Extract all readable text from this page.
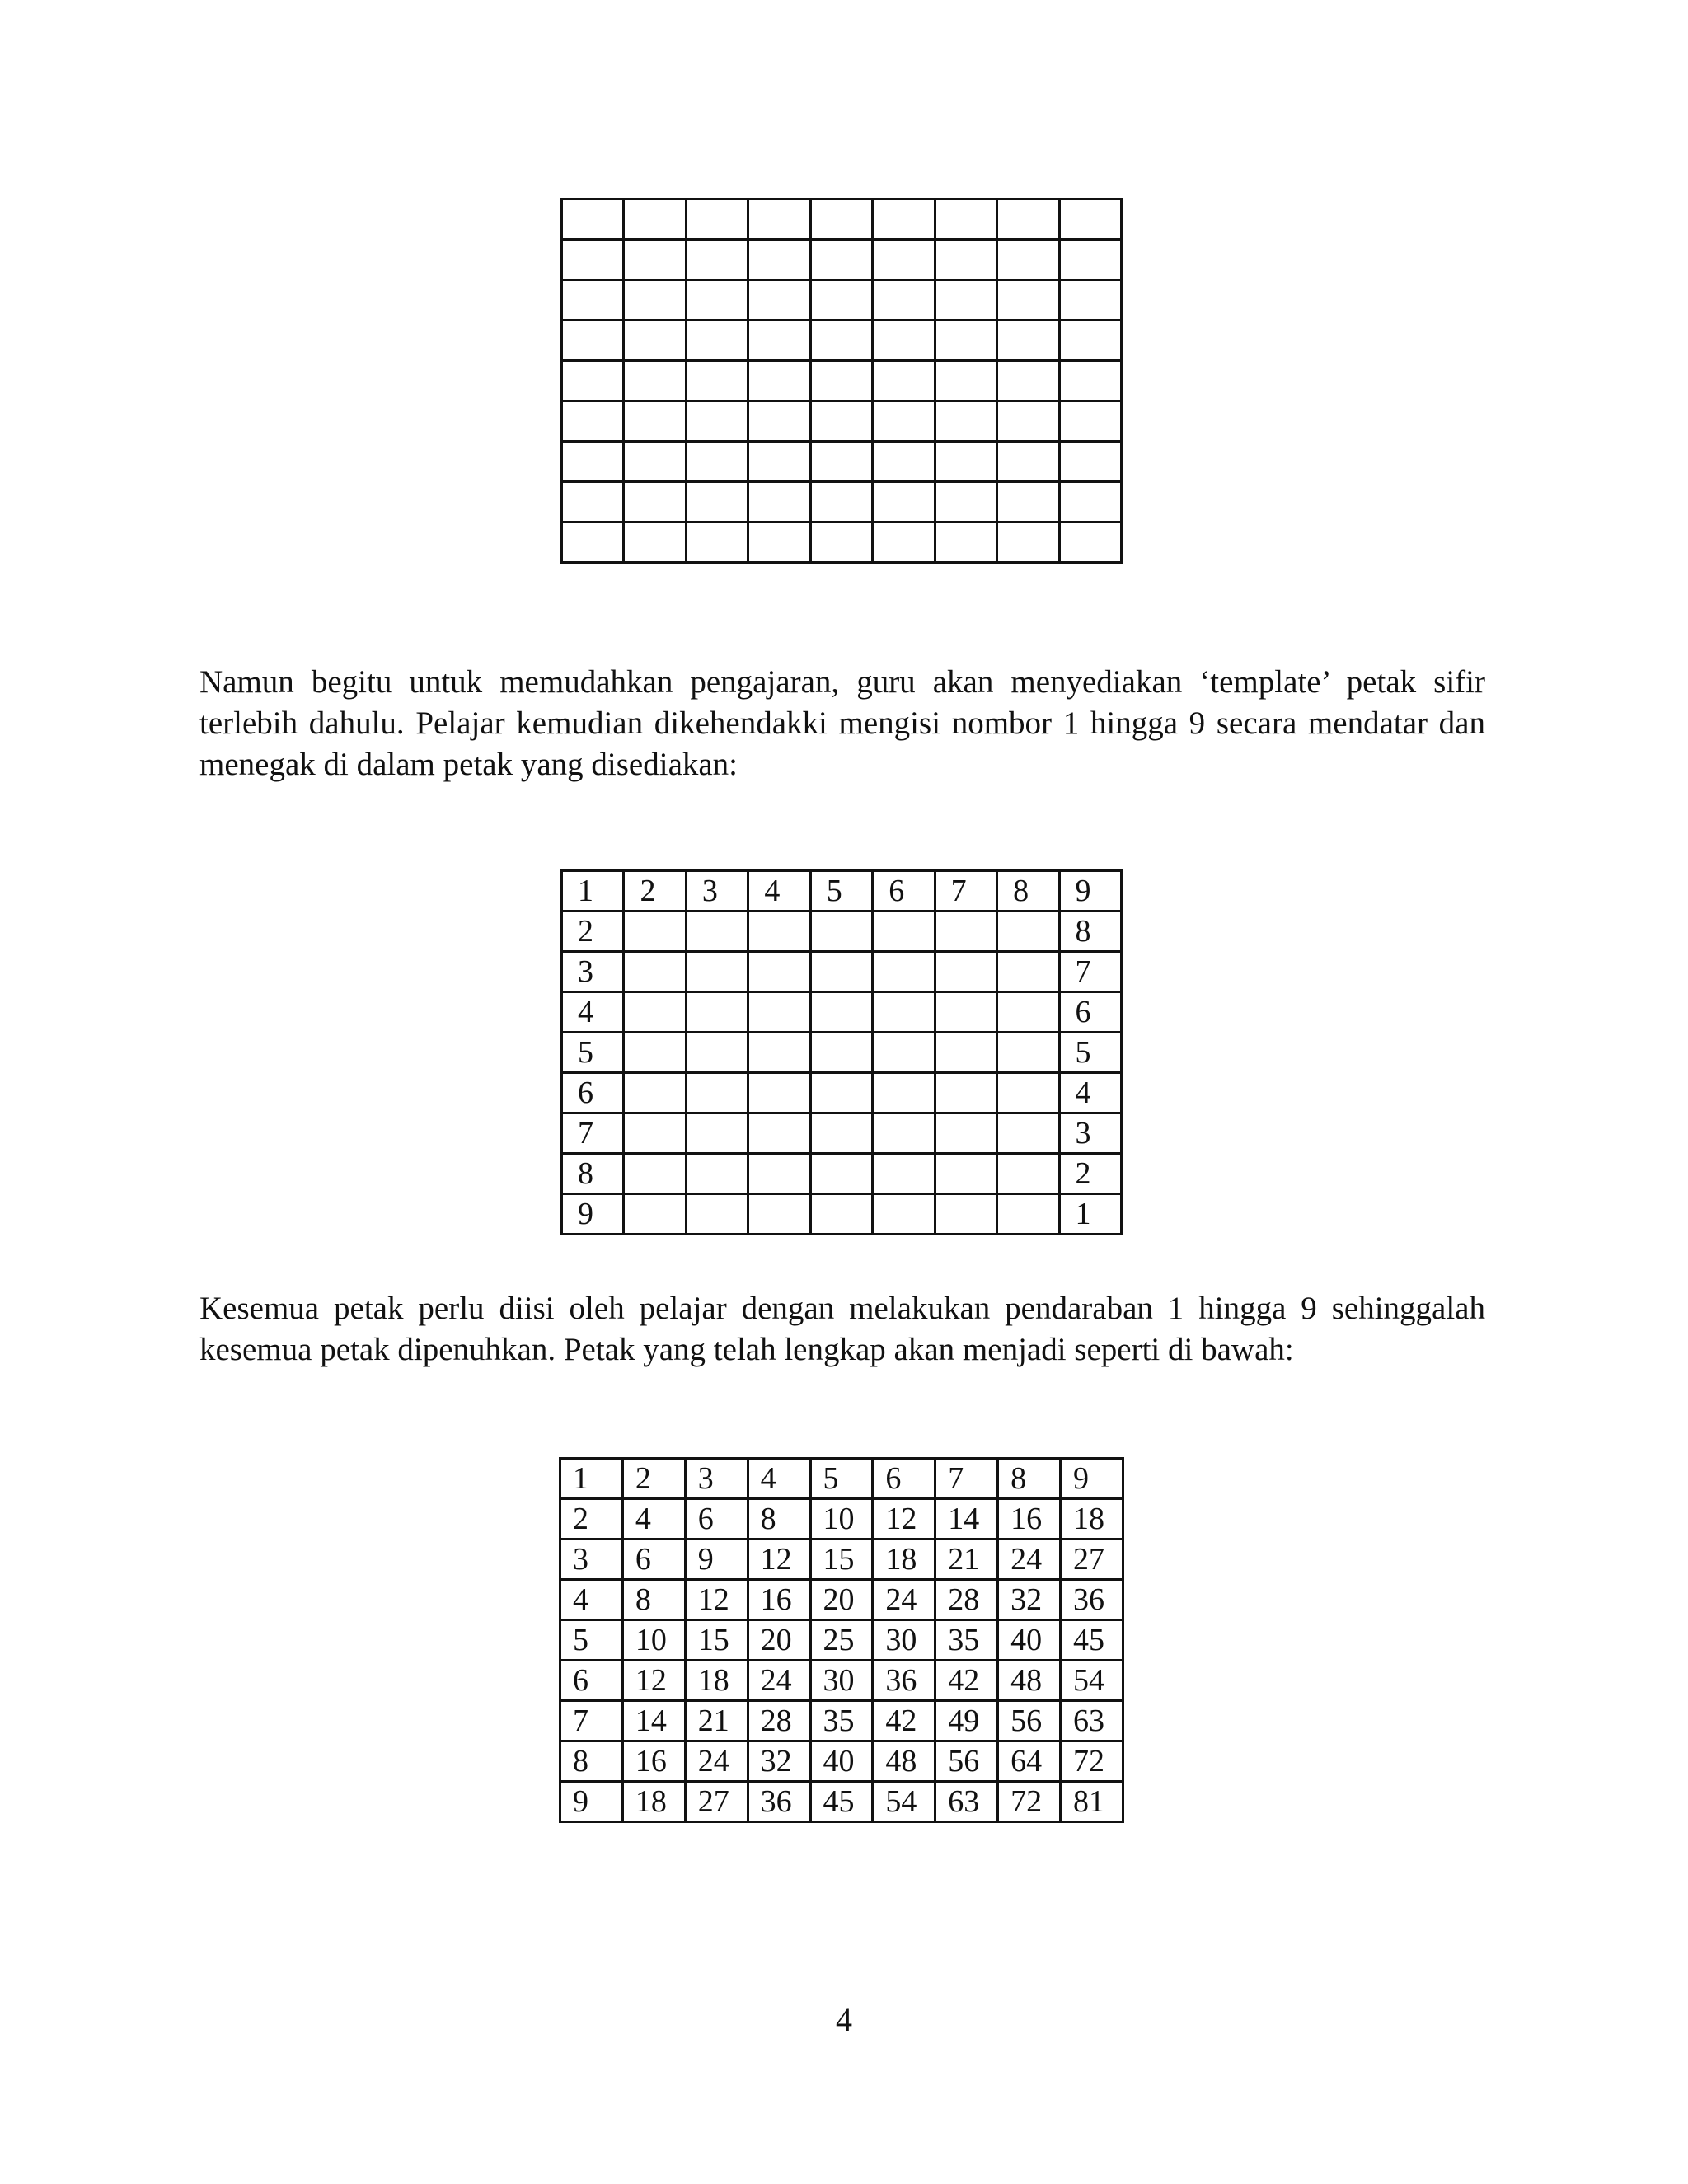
Namun begitu untuk memudahkan pengajaran, guru akan menyediakan ‘template’ petak sifir terlebih dahulu. Pelajar kemudian dikehendakki mengisi nombor 1 hingga 9 secara mendatar dan menegak di dalam petak yang disediakan:

1	2	3	4	5	6	7	8	9
2								8
3								7
4								6
5								5
6								4
7								3
8								2
9								1

Kesemua petak perlu diisi oleh pelajar dengan melakukan pendaraban 1 hingga 9 sehinggalah kesemua petak dipenuhkan. Petak yang telah lengkap akan menjadi seperti di bawah:

1	2	3	4	5	6	7	8	9
2	4	6	8	10	12	14	16	18
3	6	9	12	15	18	21	24	27
4	8	12	16	20	24	28	32	36
5	10	15	20	25	30	35	40	45
6	12	18	24	30	36	42	48	54
7	14	21	28	35	42	49	56	63
8	16	24	32	40	48	56	64	72
9	18	27	36	45	54	63	72	81
4
